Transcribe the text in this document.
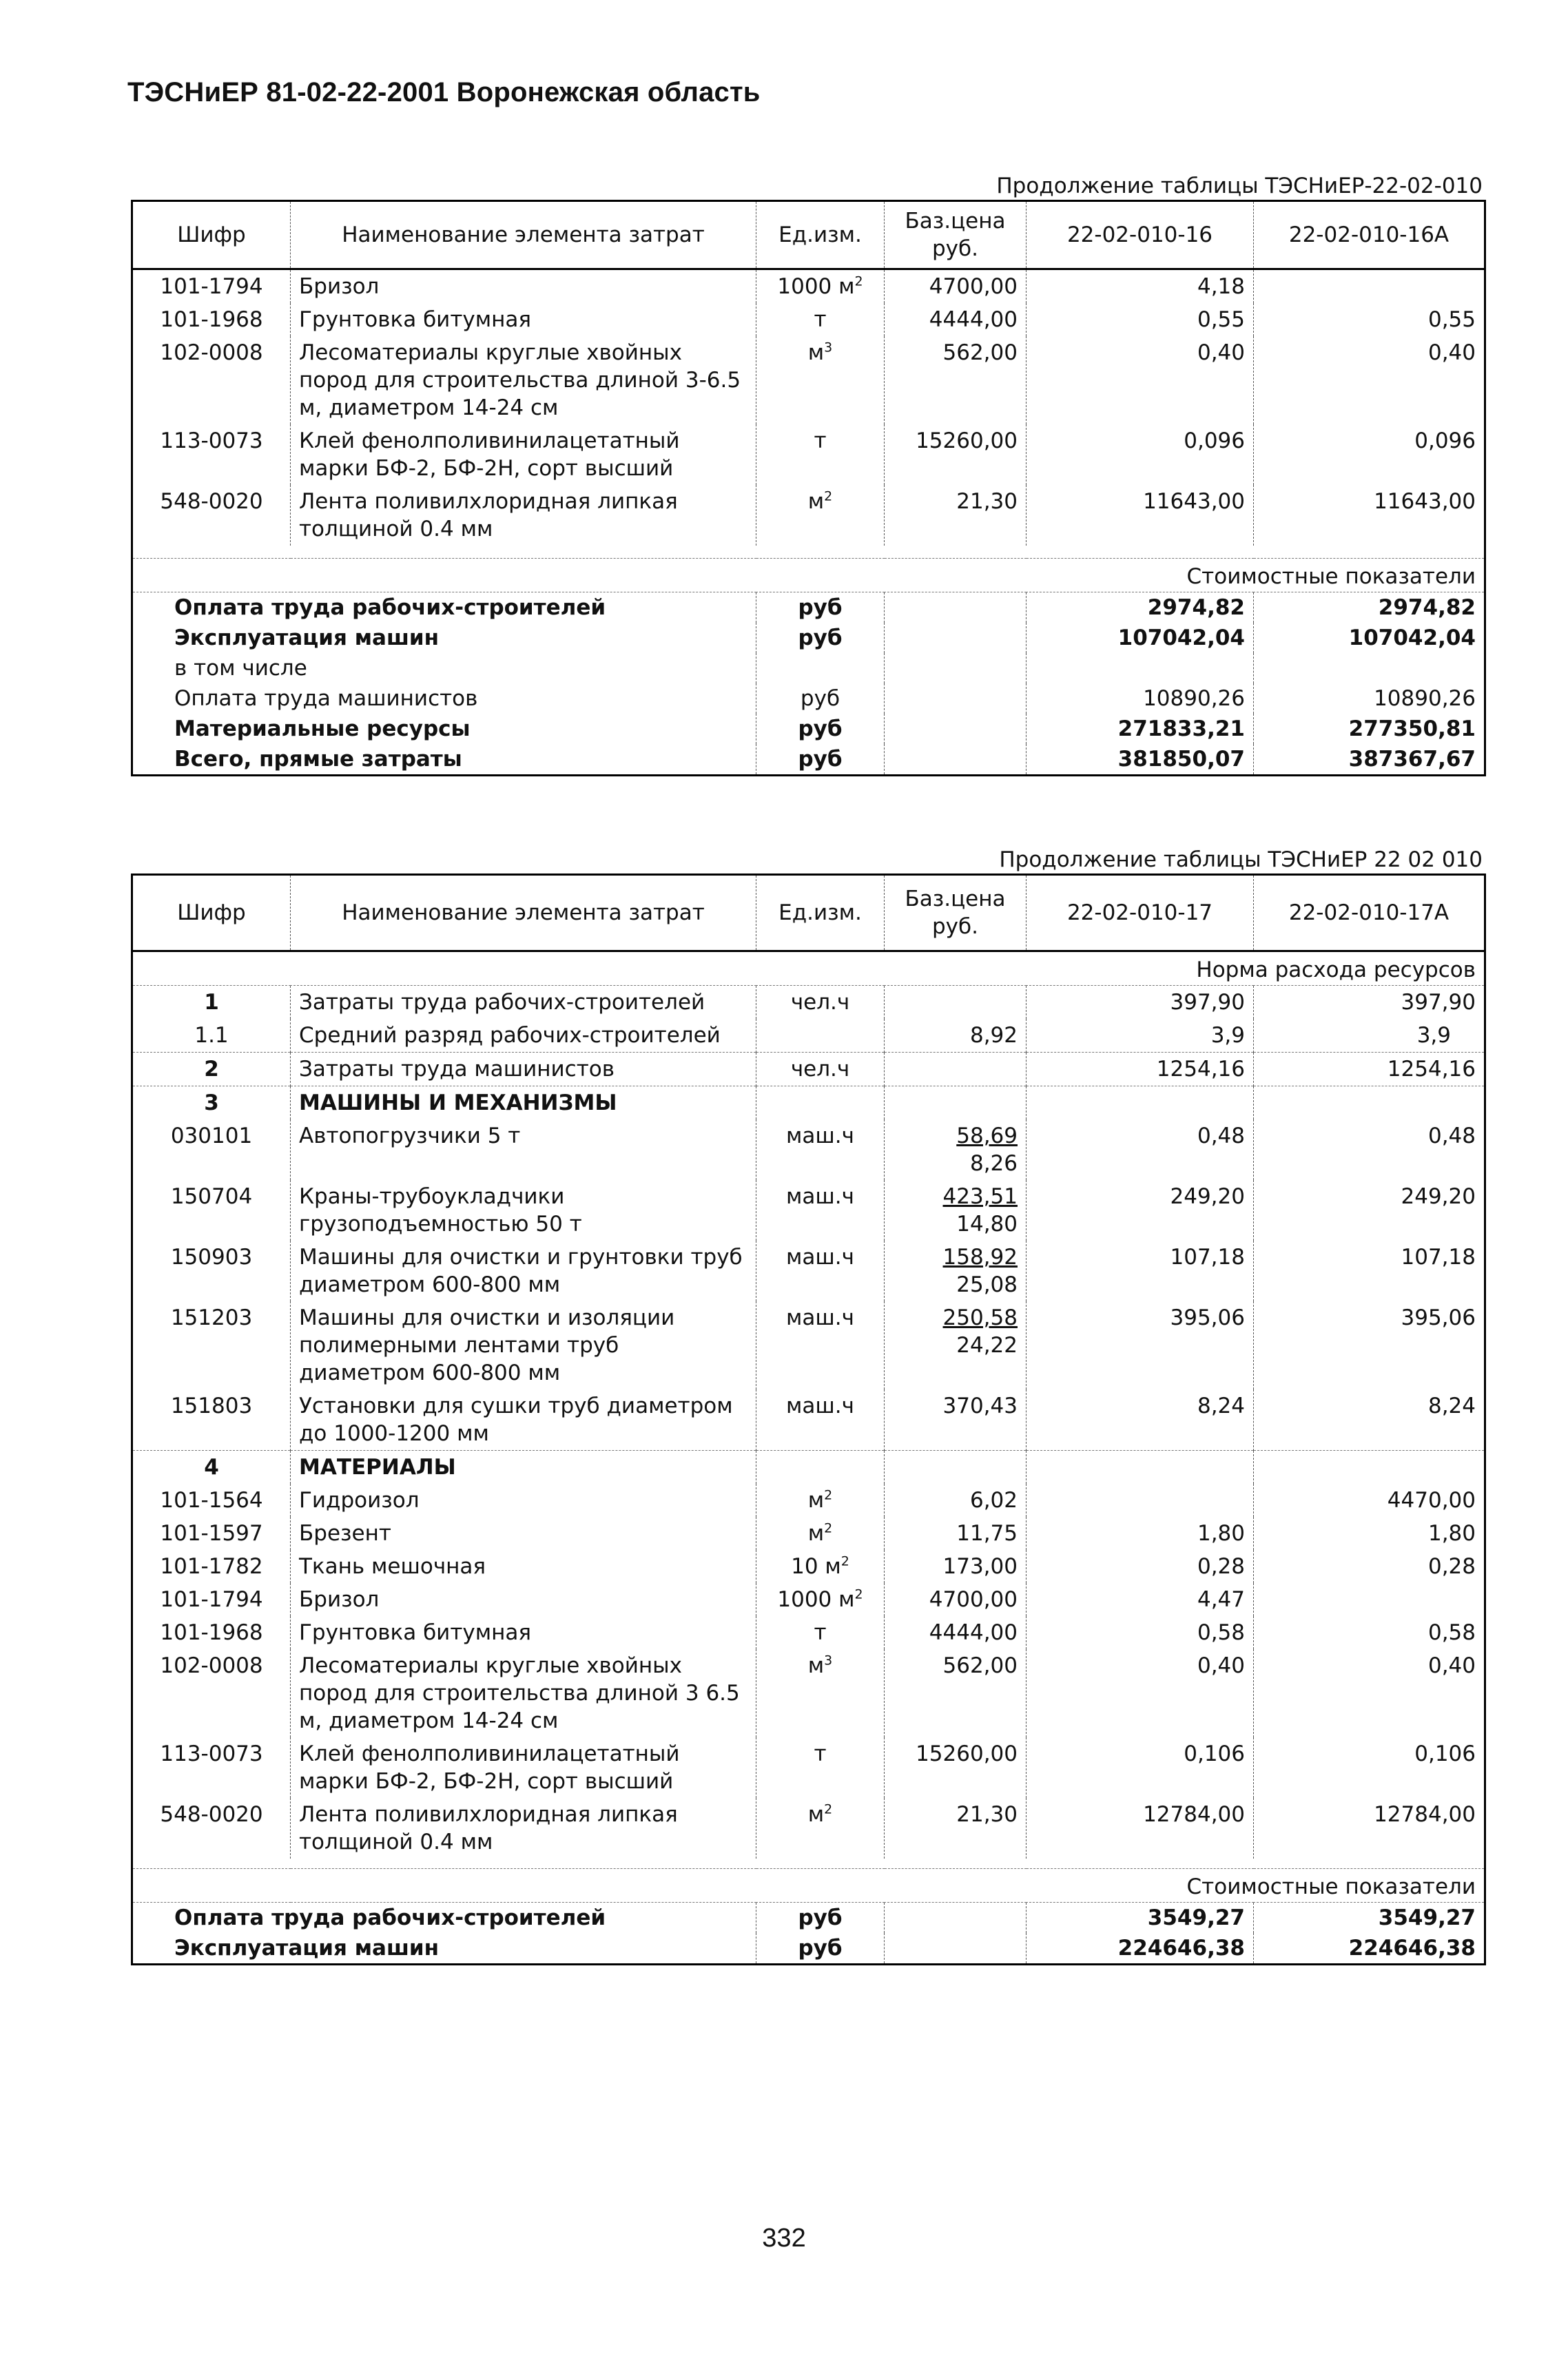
ТЭСНиЕР 81-02-22-2001 Воронежская область
Продолжение таблицы ТЭСНиЕР-22-02-010
Шифр	Наименование элемента затрат	Ед.изм.	Баз.цена руб.	22-02-010-16	22-02-010-16А
101-1794	Бризол	1000 $м^2$	4700,00	4,18	
101-1968	Грунтовка битумная	т	4444,00	0,55	0,55
102-0008	Лесоматериалы круглые хвойных пород для строительства длиной 3-6.5 м, диаметром 14-24 см	$м^3$	562,00	0,40	0,40
113-0073	Клей фенолполивинилацетатный марки БФ-2, БФ-2Н, сорт высший	т	15260,00	0,096	0,096
548-0020	Лента поливилхлоридная липкая толщиной 0.4 мм	$м^2$	21,30	11643,00	11643,00

Стоимостные показатели					
Оплата труда рабочих-строителей		руб		2974,82	2974,82
Эксплуатация машин		руб		107042,04	107042,04
в том числе					
Оплата труда машинистов		руб		10890,26	10890,26
Материальные ресурсы		руб		271833,21	277350,81
Всего, прямые затраты		руб		381850,07	387367,67
Продолжение таблицы ТЭСНиЕР 22 02 010
Шифр	Наименование элемента затрат	Ед.изм.	Баз.цена руб.	22-02-010-17	22-02-010-17А
Норма расхода ресурсов					
1	Затраты труда рабочих-строителей	чел.ч		397,90	397,90
1.1	Средний разряд рабочих-строителей		8,92	3,9	3,9
2	Затраты труда машинистов	чел.ч		1254,16	1254,16
3	МАШИНЫ И МЕХАНИЗМЫ				
030101	Автопогрузчики 5 т	маш.ч	$\frac{58,69}{8,26}$	0,48	0,48
150704	Краны-трубоукладчики грузоподъемностью 50 т	маш.ч	$\frac{423,51}{14,80}$	249,20	249,20
150903	Машины для очистки и грунтовки труб диаметром 600-800 мм	маш.ч	$\frac{158,92}{25,08}$	107,18	107,18
151203	Машины для очистки и изоляции полимерными лентами труб диаметром 600-800 мм	маш.ч	$\frac{250,58}{24,22}$	395,06	395,06
151803	Установки для сушки труб диаметром до 1000-1200 мм	маш.ч	370,43	8,24	8,24
4	МАТЕРИАЛЫ				
101-1564	Гидроизол	$м^2$	6,02		4470,00
101-1597	Брезент	$м^2$	11,75	1,80	1,80
101-1782	Ткань мешочная	10 $м^2$	173,00	0,28	0,28
101-1794	Бризол	1000 $м^2$	4700,00	4,47	
101-1968	Грунтовка битумная	т	4444,00	0,58	0,58
102-0008	Лесоматериалы круглые хвойных пород для строительства длиной 3 6.5 м, диаметром 14-24 см	$м^3$	562,00	0,40	0,40
113-0073	Клей фенолполивинилацетатный марки БФ-2, БФ-2Н, сорт высший	т	15260,00	0,106	0,106
548-0020	Лента поливилхлоридная липкая толщиной 0.4 мм	$м^2$	21,30	12784,00	12784,00

Стоимостные показатели					
Оплата труда рабочих-строителей		руб		3549,27	3549,27
Эксплуатация машин		руб		224646,38	224646,38
332
